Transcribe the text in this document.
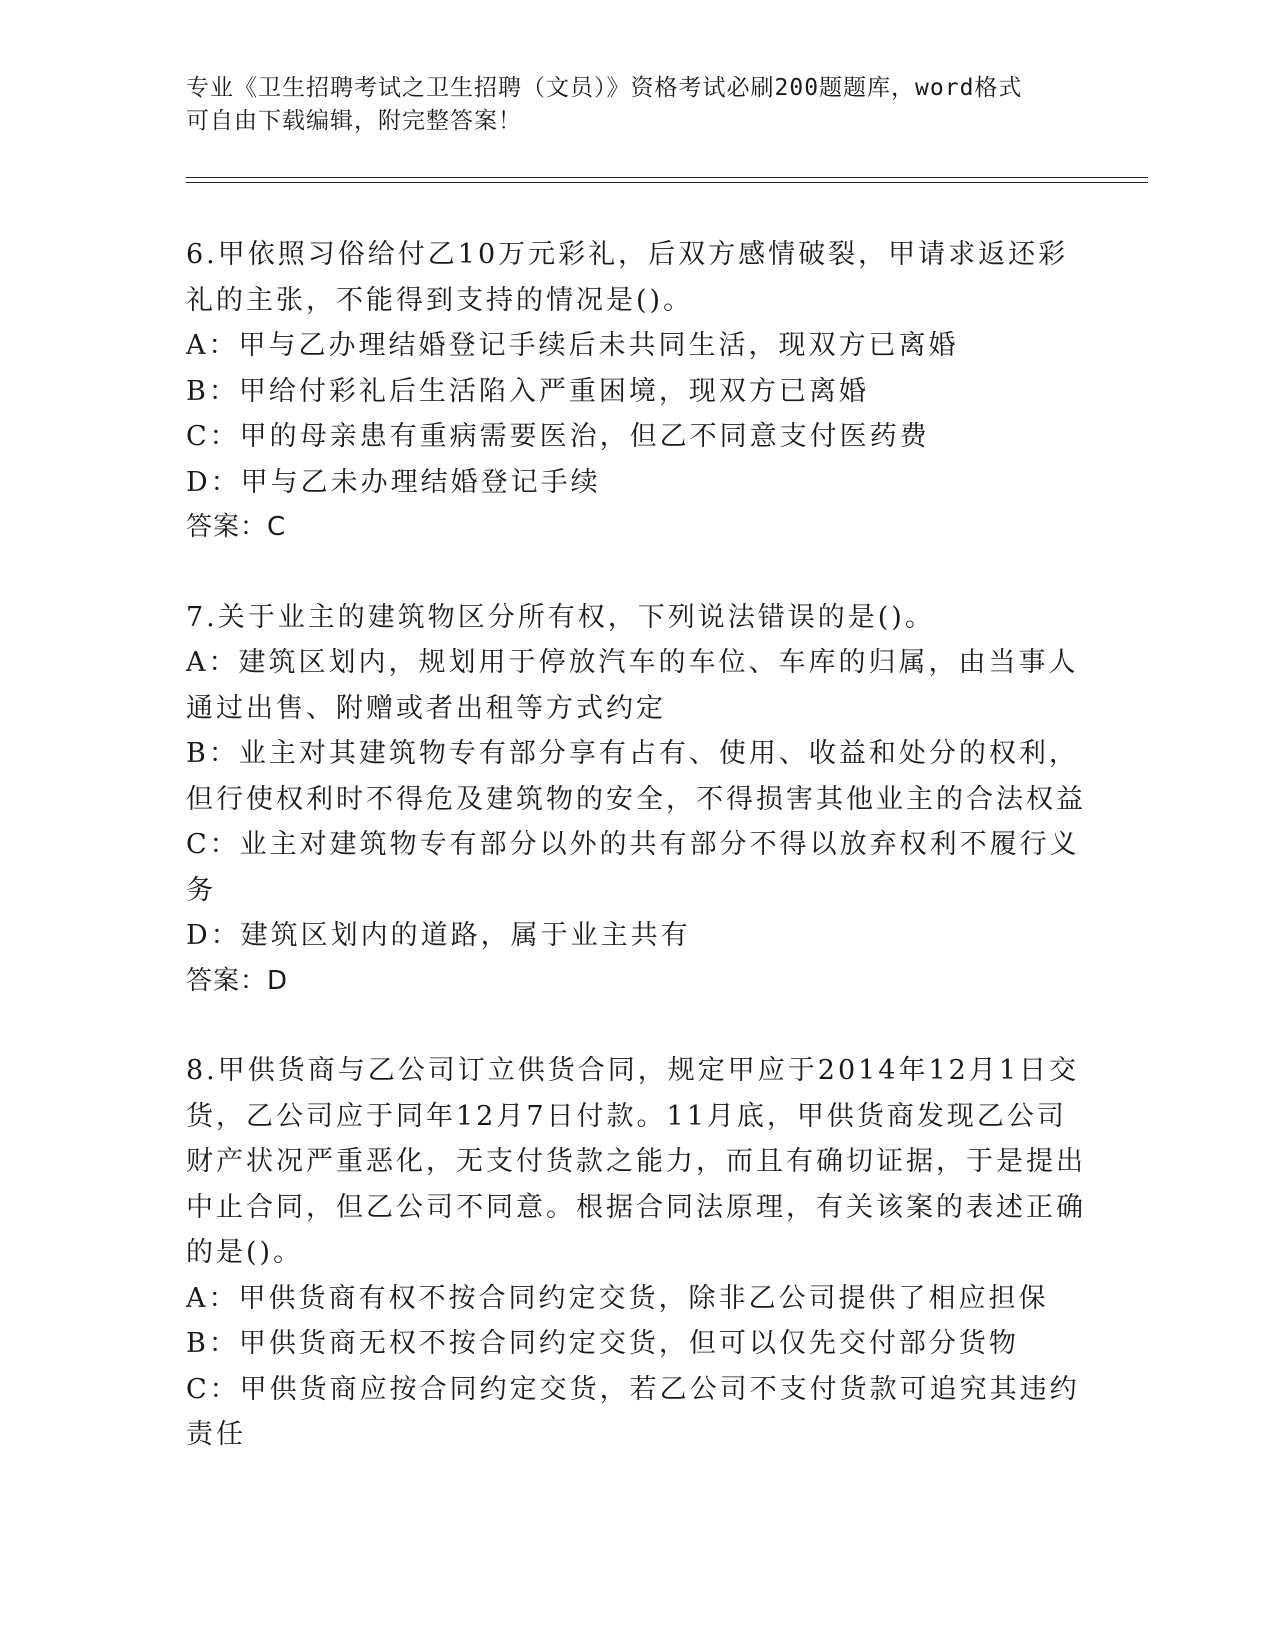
专业《卫生招聘考试之卫生招聘（文员）》资格考试必刷200题题库，word格式
可自由下载编辑，附完整答案！

6.甲依照习俗给付乙10万元彩礼，后双方感情破裂，甲请求返还彩礼的主张，不能得到支持的情况是()。

A：甲与乙办理结婚登记手续后未共同生活，现双方已离婚

B：甲给付彩礼后生活陷入严重困境，现双方已离婚

C：甲的母亲患有重病需要医治，但乙不同意支付医药费

D：甲与乙未办理结婚登记手续

答案：C

7.关于业主的建筑物区分所有权，下列说法错误的是()。

A：建筑区划内，规划用于停放汽车的车位、车库的归属，由当事人通过出售、附赠或者出租等方式约定

B：业主对其建筑物专有部分享有占有、使用、收益和处分的权利，但行使权利时不得危及建筑物的安全，不得损害其他业主的合法权益

C：业主对建筑物专有部分以外的共有部分不得以放弃权利不履行义务

D：建筑区划内的道路，属于业主共有

答案：D

8.甲供货商与乙公司订立供货合同，规定甲应于2014年12月1日交货，乙公司应于同年12月7日付款。11月底，甲供货商发现乙公司财产状况严重恶化，无支付货款之能力，而且有确切证据，于是提出中止合同，但乙公司不同意。根据合同法原理，有关该案的表述正确的是()。

A：甲供货商有权不按合同约定交货，除非乙公司提供了相应担保

B：甲供货商无权不按合同约定交货，但可以仅先交付部分货物

C：甲供货商应按合同约定交货，若乙公司不支付货款可追究其违约责任
